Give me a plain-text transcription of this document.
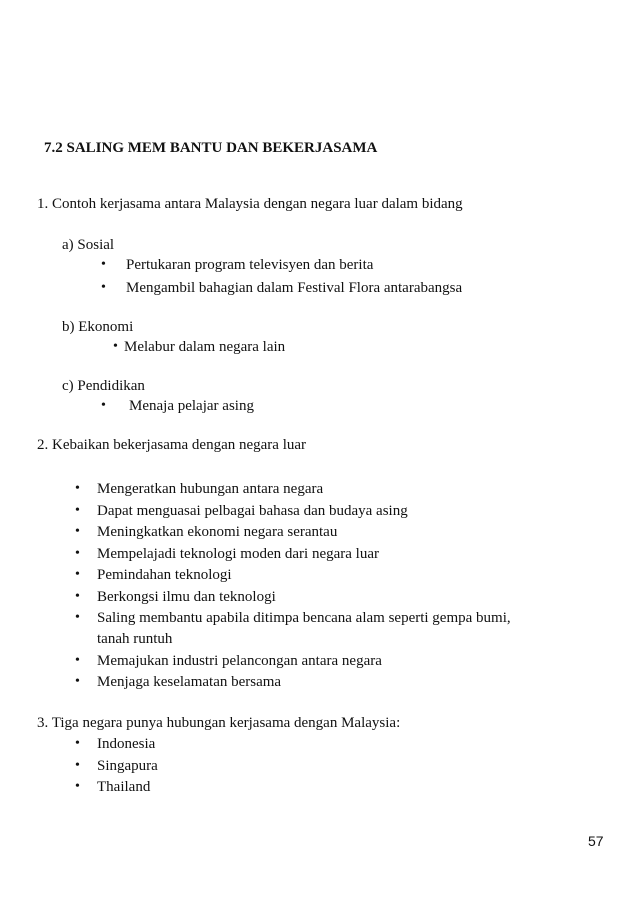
7.2 SALING MEM BANTU DAN BEKERJASAMA
1. Contoh kerjasama antara Malaysia dengan negara luar dalam bidang
a) Sosial
• Pertukaran program televisyen dan berita
• Mengambil bahagian dalam Festival Flora antarabangsa
b) Ekonomi
• Melabur dalam negara lain
c) Pendidikan
• Menaja pelajar asing
2. Kebaikan bekerjasama dengan negara luar
• Mengeratkan hubungan antara negara
• Dapat menguasai pelbagai bahasa dan budaya asing
• Meningkatkan ekonomi negara serantau
• Mempelajadi teknologi moden dari negara luar
• Pemindahan teknologi
• Berkongsi ilmu dan teknologi
• Saling membantu apabila ditimpa bencana alam seperti gempa bumi,
tanah runtuh
• Memajukan industri pelancongan antara negara
• Menjaga keselamatan bersama
3. Tiga negara punya hubungan kerjasama dengan Malaysia:
• Indonesia
• Singapura
• Thailand
57
